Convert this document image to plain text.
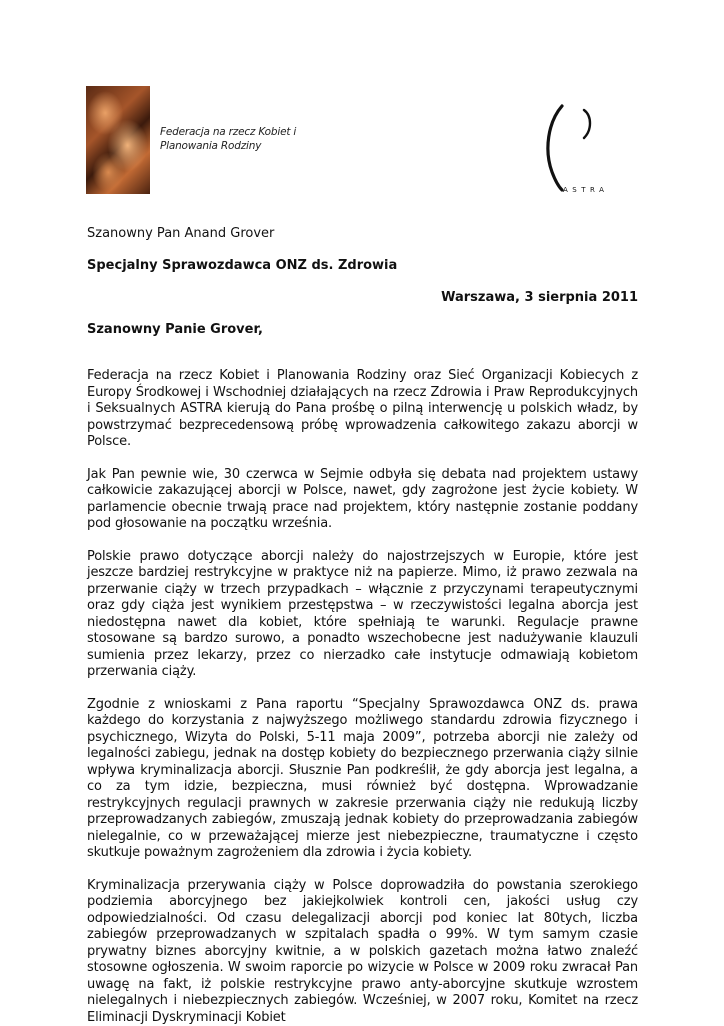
Federacja na rzecz Kobiet i
Planowania Rodziny
ASTRA

Szanowny Pan Anand Grover

Specjalny Sprawozdawca ONZ ds. Zdrowia

Warszawa, 3 sierpnia 2011

Szanowny Panie Grover,

Federacja na rzecz Kobiet i Planowania Rodziny oraz Sieć Organizacji Kobiecych z Europy Środkowej i Wschodniej działających na rzecz Zdrowia i Praw Reprodukcyjnych i Seksualnych ASTRA kierują do Pana prośbę o pilną interwencję u polskich władz, by powstrzymać bezprecedensową próbę wprowadzenia całkowitego zakazu aborcji w Polsce.

Jak Pan pewnie wie, 30 czerwca w Sejmie odbyła się debata nad projektem ustawy całkowicie zakazującej aborcji w Polsce, nawet, gdy zagrożone jest życie kobiety. W parlamencie obecnie trwają prace nad projektem, który następnie zostanie poddany pod głosowanie na początku września.

Polskie prawo dotyczące aborcji należy do najostrzejszych w Europie, które jest jeszcze bardziej restrykcyjne w praktyce niż na papierze. Mimo, iż prawo zezwala na przerwanie ciąży w trzech przypadkach – włącznie z przyczynami terapeutycznymi oraz gdy ciąża jest wynikiem przestępstwa – w rzeczywistości legalna aborcja jest niedostępna nawet dla kobiet, które spełniają te warunki. Regulacje prawne stosowane są bardzo surowo, a ponadto wszechobecne jest nadużywanie klauzuli sumienia przez lekarzy, przez co nierzadko całe instytucje odmawiają kobietom przerwania ciąży.

Zgodnie z wnioskami z Pana raportu “Specjalny Sprawozdawca ONZ ds. prawa każdego do korzystania z najwyższego możliwego standardu zdrowia fizycznego i psychicznego, Wizyta do Polski, 5-11 maja 2009”, potrzeba aborcji nie zależy od legalności zabiegu, jednak na dostęp kobiety do bezpiecznego przerwania ciąży silnie wpływa kryminalizacja aborcji. Słusznie Pan podkreślił, że gdy aborcja jest legalna, a co za tym idzie, bezpieczna, musi również być dostępna. Wprowadzanie restrykcyjnych regulacji prawnych w zakresie przerwania ciąży nie redukują liczby przeprowadzanych zabiegów, zmuszają jednak kobiety do przeprowadzania zabiegów nielegalnie, co w przeważającej mierze jest niebezpieczne, traumatyczne i często skutkuje poważnym zagrożeniem dla zdrowia i życia kobiety.

Kryminalizacja przerywania ciąży w Polsce doprowadziła do powstania szerokiego podziemia aborcyjnego bez jakiejkolwiek kontroli cen, jakości usług czy odpowiedzialności. Od czasu delegalizacji aborcji pod koniec lat 80tych, liczba zabiegów przeprowadzanych w szpitalach spadła o 99%. W tym samym czasie prywatny biznes aborcyjny kwitnie, a w polskich gazetach można łatwo znaleźć stosowne ogłoszenia. W swoim raporcie po wizycie w Polsce w 2009 roku zwracał Pan uwagę na fakt, iż polskie restrykcyjne prawo anty-aborcyjne skutkuje wzrostem nielegalnych i niebezpiecznych zabiegów. Wcześniej, w 2007 roku, Komitet na rzecz Eliminacji Dyskryminacji Kobiet
